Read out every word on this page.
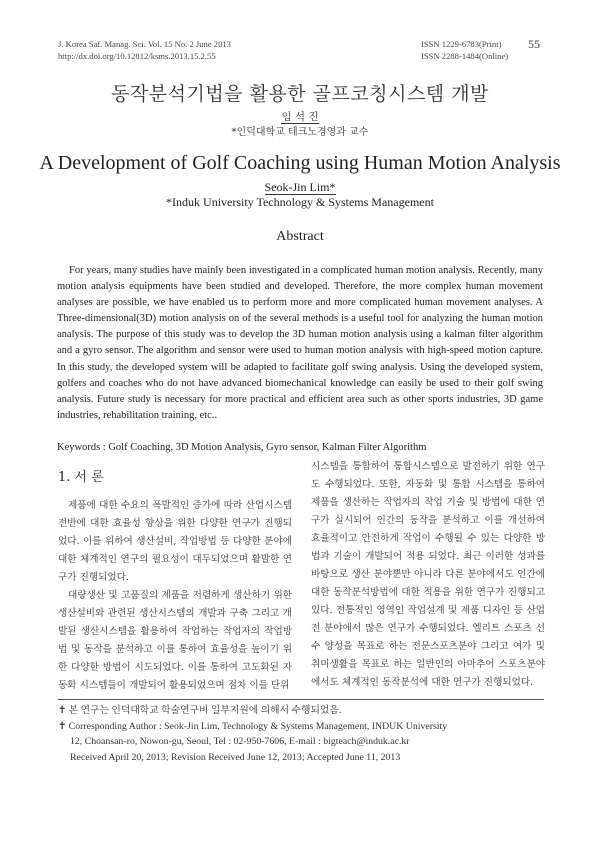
J. Korea Saf. Manag. Sci. Vol. 15 No. 2 June 2013
http://dx.doi.org/10.12812/ksms.2013.15.2.55
ISSN 1229-6783(Print)
ISSN 2288-1484(Online)
55
동작분석기법을 활용한 골프코칭시스템 개발
임 석 진
*인덕대학교 테크노경영과 교수
A Development of Golf Coaching using Human Motion Analysis
Seok-Jin Lim*
*Induk University Technology & Systems Management
Abstract
For years, many studies have mainly been investigated in a complicated human motion analysis. Recently, many motion analysis equipments have been studied and developed. Therefore, the more complex human movement analyses are possible, we have enabled us to perform more and more complicated human movement analyses. A Three-dimensional(3D) motion analysis on of the several methods is a useful tool for analyzing the human motion analysis. The purpose of this study was to develop the 3D human motion analysis using a kalman filter algorithm and a gyro sensor. The algorithm and sensor were used to human motion analysis with high-speed motion capture. In this study, the developed system will be adapted to facilitate golf swing analysis. Using the developed system, golfers and coaches who do not have advanced biomechanical knowledge can easily be used to their golf swing analysis. Future study is necessary for more practical and efficient area such as other sports industries, 3D game industries, rehabilitation training, etc..
Keywords : Golf Coaching, 3D Motion Analysis, Gyro sensor, Kalman Filter Algorithm
1. 서 론

제품에 대한 수요의 폭발적인 증가에 따라 산업시스템 전반에 대한 효율성 향상을 위한 다양한 연구가 진행되었다. 이를 위하여 생산설비, 작업방법 등 다양한 분야에 대한 체계적인 연구의 필요성이 대두되었으며 활발한 연구가 진행되었다.

대량생산 및 고품질의 제품을 저렴하게 생산하기 위한 생산설비와 관련된 생산시스템의 개발과 구축 그리고 개발된 생산시스템을 활용하여 작업하는 작업자의 작업방법 및 동작을 분석하고 이를 통하여 효율성을 높이기 위한 다양한 방법이 시도되었다. 이를 통하여 고도화된 자동화 시스템들이 개발되어 활용되었으며 점차 이들 단위

시스템을 통합하여 통합시스템으로 발전하기 위한 연구도 수행되었다. 또한, 자동화 및 통합 시스템을 통하여 제품을 생산하는 작업자의 작업 기술 및 방법에 대한 연구가 실시되어 인간의 동작을 분석하고 이를 개선하여 효율적이고 안전하게 작업이 수행될 수 있는 다양한 방법과 기술이 개발되어 적용 되었다. 최근 이러한 성과를 바탕으로 생산 분야뿐만 아니라 다른 분야에서도 인간에 대한 동작분석방법에 대한 적용을 위한 연구가 진행되고 있다. 전통적인 영역인 작업설계 및 제품 디자인 등 산업 전 분야에서 많은 연구가 수행되었다. 엘리트 스포츠 선수 양성을 목표로 하는 전문스포츠분야 그리고 여가 및 취미생활을 목표로 하는 일반인의 아마추어 스포츠분야에서도 체계적인 동작분석에 대한 연구가 진행되었다.

✝ 본 연구는 인덕대학교 학술연구비 일부지원에 의해서 수행되었음.
✝ Corresponding Author : Seok-Jin Lim, Technology & Systems Management, INDUK University
12, Choansan-ro, Nowon-gu, Seoul, Tel : 02-950-7606, E-mail : bigteach@induk.ac.kr
Received April 20, 2013; Revision Received June 12, 2013; Accepted June 11, 2013
